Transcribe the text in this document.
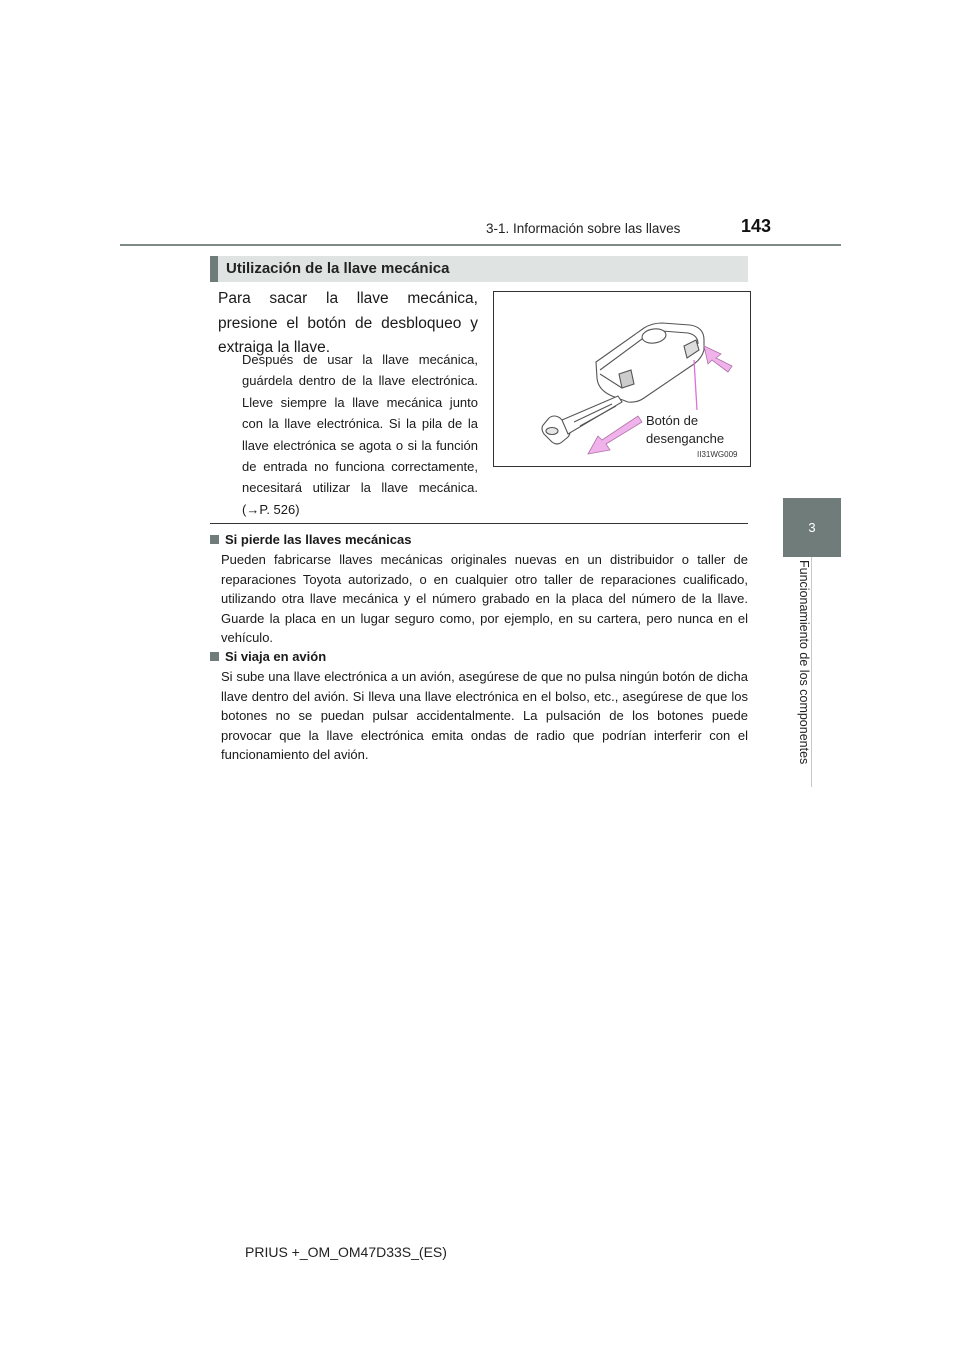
3-1. Información sobre las llaves	143
3
Funcionamiento de los componentes
Utilización de la llave mecánica
Para sacar la llave mecánica, presione el botón de desbloqueo y extraiga la llave.
Después de usar la llave mecánica, guárdela dentro de la llave electrónica. Lleve siempre la llave mecánica junto con la llave electrónica. Si la pila de la llave electrónica se agota o si la función de entrada no funciona correctamente, necesitará utilizar la llave mecánica. (→P. 526)
Botón de
desenganche
II31WG009
Si pierde las llaves mecánicas
Pueden fabricarse llaves mecánicas originales nuevas en un distribuidor o taller de reparaciones Toyota autorizado, o en cualquier otro taller de reparaciones cualificado, utilizando otra llave mecánica y el número grabado en la placa del número de la llave. Guarde la placa en un lugar seguro como, por ejemplo, en su cartera, pero nunca en el vehículo.
Si viaja en avión
Si sube una llave electrónica a un avión, asegúrese de que no pulsa ningún botón de dicha llave dentro del avión. Si lleva una llave electrónica en el bolso, etc., asegúrese de que los botones no se puedan pulsar accidentalmente. La pulsación de los botones puede provocar que la llave electrónica emita ondas de radio que podrían interferir con el funcionamiento del avión.
PRIUS +_OM_OM47D33S_(ES)
